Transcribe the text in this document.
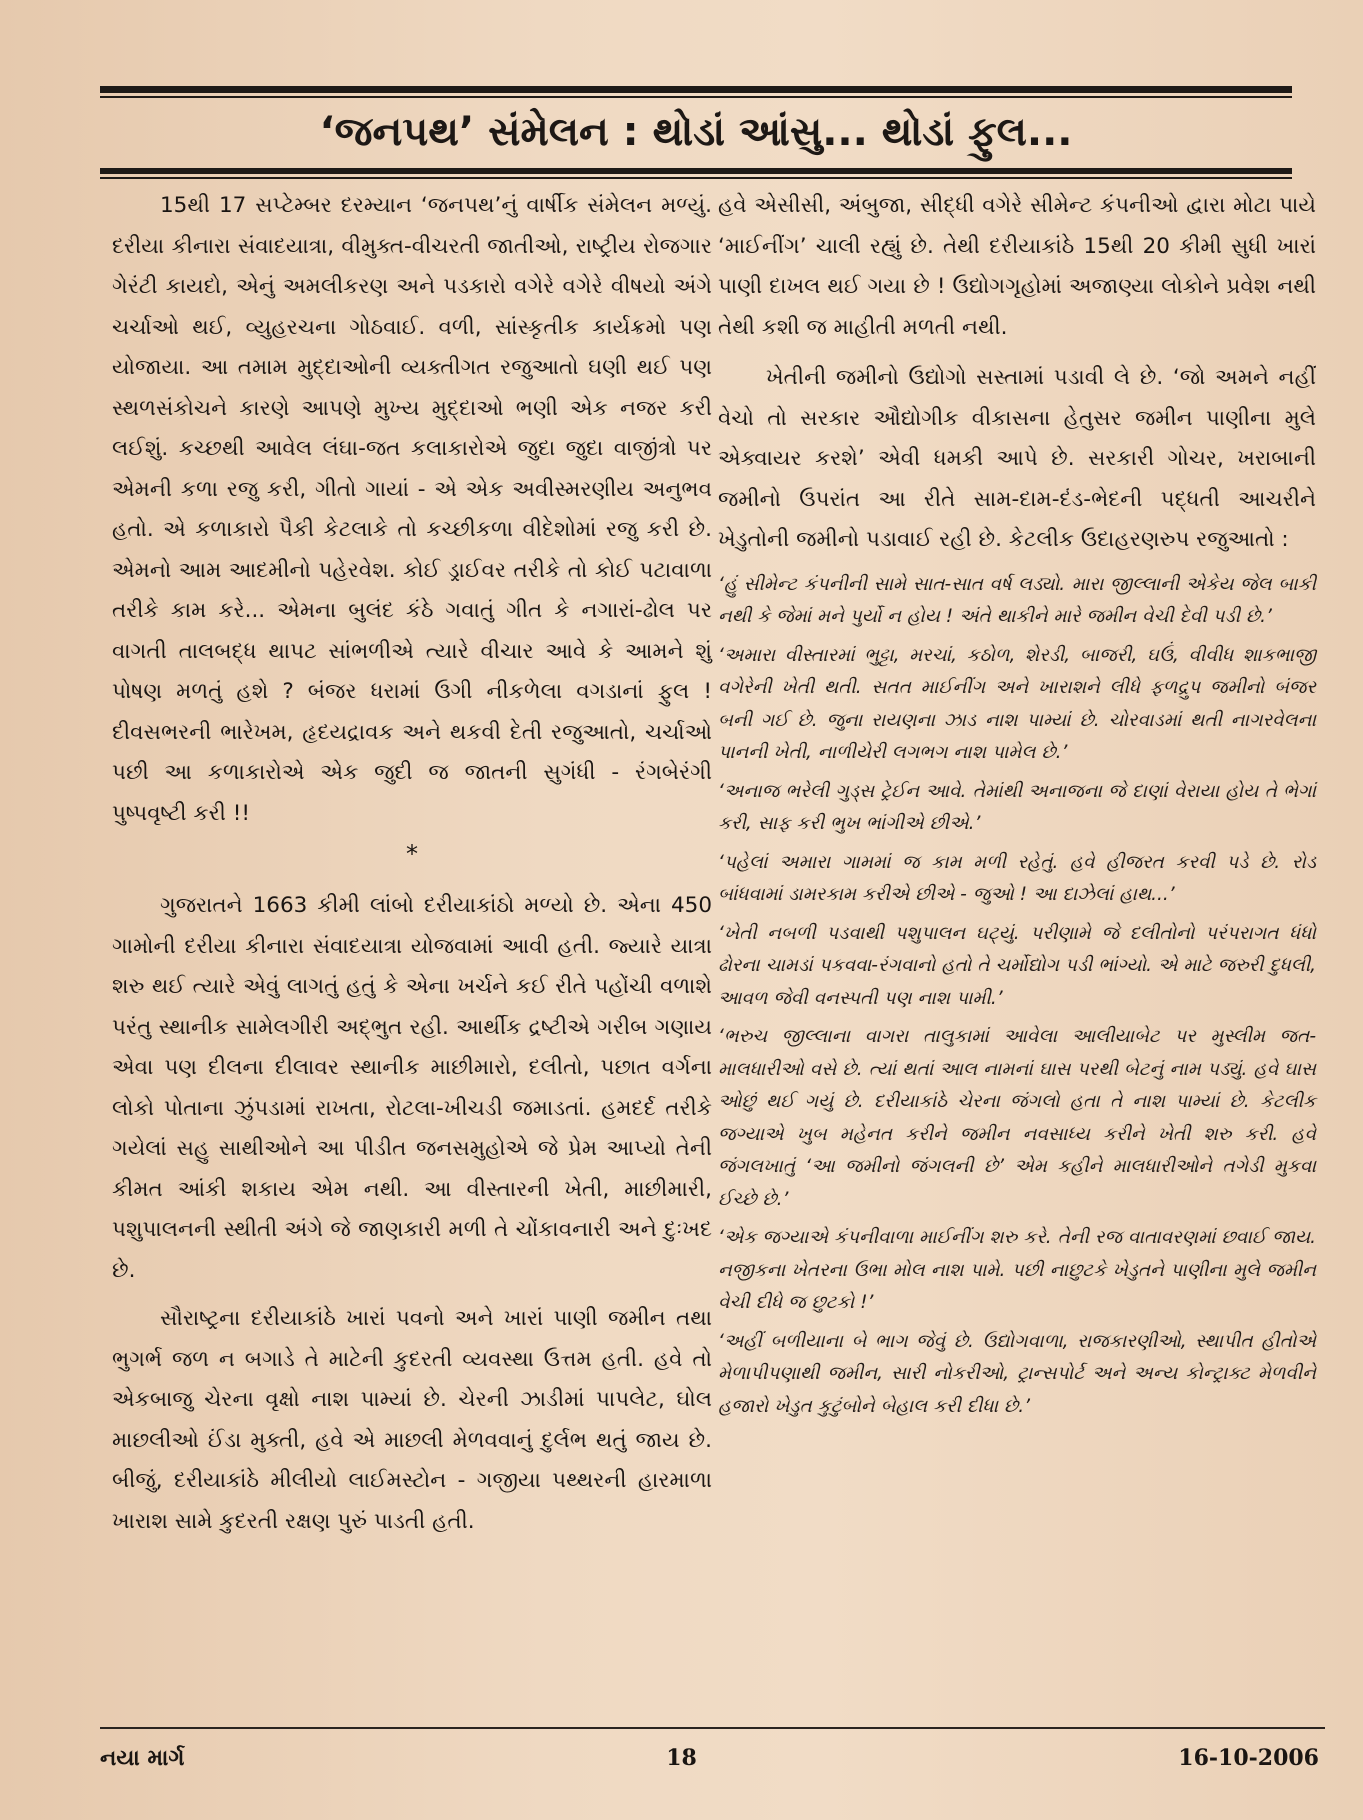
‘જનપથ’ સંમેલન : થોડાં આંસુ... થોડાં ફુલ...

15થી 17 સપ્ટેમ્બર દરમ્યાન ‘જનપથ’નું વાર્ષીક સંમેલન મળ્યું. દરીયા કીનારા સંવાદયાત્રા, વીમુક્ત-વીચરતી જાતીઓ, રાષ્ટ્રીય રોજગાર ગેરંટી કાયદો, એનું અમલીકરણ અને પડકારો વગેરે વગેરે વીષયો અંગે ચર્ચાઓ થઈ, વ્યુહરચના ગોઠવાઈ. વળી, સાંસ્કૃતીક કાર્યક્રમો પણ યોજાયા. આ તમામ મુદ્દાઓની વ્યક્તીગત રજુઆતો ઘણી થઈ પણ સ્થળસંકોચને કારણે આપણે મુખ્ય મુદ્દાઓ ભણી એક નજર કરી લઈશું. કચ્છથી આવેલ લંઘા-જત કલાકારોએ જુદા જુદા વાજીંત્રો પર એમની કળા રજુ કરી, ગીતો ગાયાં - એ એક અવીસ્મરણીય અનુભવ હતો. એ કળાકારો પૈકી કેટલાકે તો કચ્છીકળા વીદેશોમાં રજુ કરી છે. એમનો આમ આદમીનો પહેરવેશ. કોઈ ડ્રાઈવર તરીકે તો કોઈ પટાવાળા તરીકે કામ કરે... એમના બુલંદ કંઠે ગવાતું ગીત કે નગારાં-ઢોલ પર વાગતી તાલબદ્ધ થાપટ સાંભળીએ ત્યારે વીચાર આવે કે આમને શું પોષણ મળતું હશે ? બંજર ધરામાં ઉગી નીકળેલા વગડાનાં ફુલ ! દીવસભરની ભારેખમ, હૃદયદ્રાવક અને થકવી દેતી રજુઆતો, ચર્ચાઓ પછી આ કળાકારોએ એક જુદી જ જાતની સુગંધી - રંગબેરંગી પુષ્પવૃષ્ટી કરી !!

*

ગુજરાતને 1663 કીમી લાંબો દરીયાકાંઠો મળ્યો છે. એના 450 ગામોની દરીયા કીનારા સંવાદયાત્રા યોજવામાં આવી હતી. જ્યારે યાત્રા શરુ થઈ ત્યારે એવું લાગતું હતું કે એના ખર્ચને કઈ રીતે પહોંચી વળાશે પરંતુ સ્થાનીક સામેલગીરી અદ્ભુત રહી. આર્થીક દ્રષ્ટીએ ગરીબ ગણાય એવા પણ દીલના દીલાવર સ્થાનીક માછીમારો, દલીતો, પછાત વર્ગના લોકો પોતાના ઝુંપડામાં રાખતા, રોટલા-ખીચડી જમાડતાં. હમદર્દ તરીકે ગયેલાં સહુ સાથીઓને આ પીડીત જનસમુહોએ જે પ્રેમ આપ્યો તેની કીમત આંકી શકાય એમ નથી. આ વીસ્તારની ખેતી, માછીમારી, પશુપાલનની સ્થીતી અંગે જે જાણકારી મળી તે ચોંકાવનારી અને દુઃખદ છે.

સૌરાષ્ટ્રના દરીયાકાંઠે ખારાં પવનો અને ખારાં પાણી જમીન તથા ભુગર્ભ જળ ન બગાડે તે માટેની કુદરતી વ્યવસ્થા ઉત્તમ હતી. હવે તો એકબાજુ ચેરના વૃક્ષો નાશ પામ્યાં છે. ચેરની ઝાડીમાં પાપલેટ, ઘોલ માછલીઓ ઈંડા મુક્તી, હવે એ માછલી મેળવવાનું દુર્લભ થતું જાય છે. બીજું, દરીયાકાંઠે મીલીયો લાઈમસ્ટોન - ગજીયા પથ્થરની હારમાળા ખારાશ સામે કુદરતી રક્ષણ પુરું પાડતી હતી.

હવે એસીસી, અંબુજા, સીદ્ધી વગેરે સીમેન્ટ કંપનીઓ દ્વારા મોટા પાયે ‘માઈનીંગ’ ચાલી રહ્યું છે. તેથી દરીયાકાંઠે 15થી 20 કીમી સુધી ખારાં પાણી દાખલ થઈ ગયા છે ! ઉદ્યોગગૃહોમાં અજાણ્યા લોકોને પ્રવેશ નથી તેથી કશી જ માહીતી મળતી નથી.

ખેતીની જમીનો ઉદ્યોગો સસ્તામાં પડાવી લે છે. ‘જો અમને નહીં વેચો તો સરકાર ઔદ્યોગીક વીકાસના હેતુસર જમીન પાણીના મુલે એક્વાયર કરશે’ એવી ધમકી આપે છે. સરકારી ગોચર, ખરાબાની જમીનો ઉપરાંત આ રીતે સામ-દામ-દંડ-ભેદની પદ્ધતી આચરીને ખેડુતોની જમીનો પડાવાઈ રહી છે. કેટલીક ઉદાહરણરુપ રજુઆતો :

‘હું સીમેન્ટ કંપનીની સામે સાત-સાત વર્ષ લડ્યો. મારા જીલ્લાની એકેય જેલ બાકી નથી કે જેમાં મને પુર્યો ન હોય ! અંતે થાકીને મારે જમીન વેચી દેવી પડી છે.’

‘અમારા વીસ્તારમાં ભુટ્ટા, મરચાં, કઠોળ, શેરડી, બાજરી, ઘઉં, વીવીધ શાકભાજી વગેરેની ખેતી થતી. સતત માઈનીંગ અને ખારાશને લીધે ફળદ્રુપ જમીનો બંજર બની ગઈ છે. જુના રાયણના ઝાડ નાશ પામ્યાં છે. ચોરવાડમાં થતી નાગરવેલના પાનની ખેતી, નાળીયેરી લગભગ નાશ પામેલ છે.’

‘અનાજ ભરેલી ગુડ્સ ટ્રેઈન આવે. તેમાંથી અનાજના જે દાણાં વેરાયા હોય તે ભેગાં કરી, સાફ કરી ભુખ ભાંગીએ છીએ.’

‘પહેલાં અમારા ગામમાં જ કામ મળી રહેતું. હવે હીજરત કરવી પડે છે. રોડ બાંધવામાં ડામરકામ કરીએ છીએ - જુઓ ! આ દાઝેલાં હાથ...’

‘ખેતી નબળી પડવાથી પશુપાલન ઘટ્યું. પરીણામે જે દલીતોનો પરંપરાગત ધંધો ઢોરના ચામડાં પકવવા-રંગવાનો હતો તે ચર્મોદ્યોગ પડી ભાંગ્યો. એ માટે જરુરી દુધલી, આવળ જેવી વનસ્પતી પણ નાશ પામી.’

‘ભરુચ જીલ્લાના વાગરા તાલુકામાં આવેલા આલીયાબેટ પર મુસ્લીમ જત-માલધારીઓ વસે છે. ત્યાં થતાં આલ નામનાં ઘાસ પરથી બેટનું નામ પડ્યું. હવે ઘાસ ઓછું થઈ ગયું છે. દરીયાકાંઠે ચેરના જંગલો હતા તે નાશ પામ્યાં છે. કેટલીક જગ્યાએ ખુબ મહેનત કરીને જમીન નવસાધ્ય કરીને ખેતી શરુ કરી. હવે જંગલખાતું ‘આ જમીનો જંગલની છે’ એમ કહીને માલધારીઓને તગેડી મુકવા ઈચ્છે છે.’

‘એક જગ્યાએ કંપનીવાળા માઈનીંગ શરુ કરે. તેની રજ વાતાવરણમાં છવાઈ જાય. નજીકના ખેતરના ઉભા મોલ નાશ પામે. પછી નાછુટકે ખેડુતને પાણીના મુલે જમીન વેચી દીધે જ છુટકો !’

‘અહીં બળીયાના બે ભાગ જેવું છે. ઉદ્યોગવાળા, રાજકારણીઓ, સ્થાપીત હીતોએ મેળાપીપણાથી જમીન, સારી નોકરીઓ, ટ્રાન્સપોર્ટ અને અન્ય કોન્ટ્રાક્ટ મેળવીને હજારો ખેડુત કુટુંબોને બેહાલ કરી દીધા છે.’

નયા માર્ગ	18	16-10-2006
